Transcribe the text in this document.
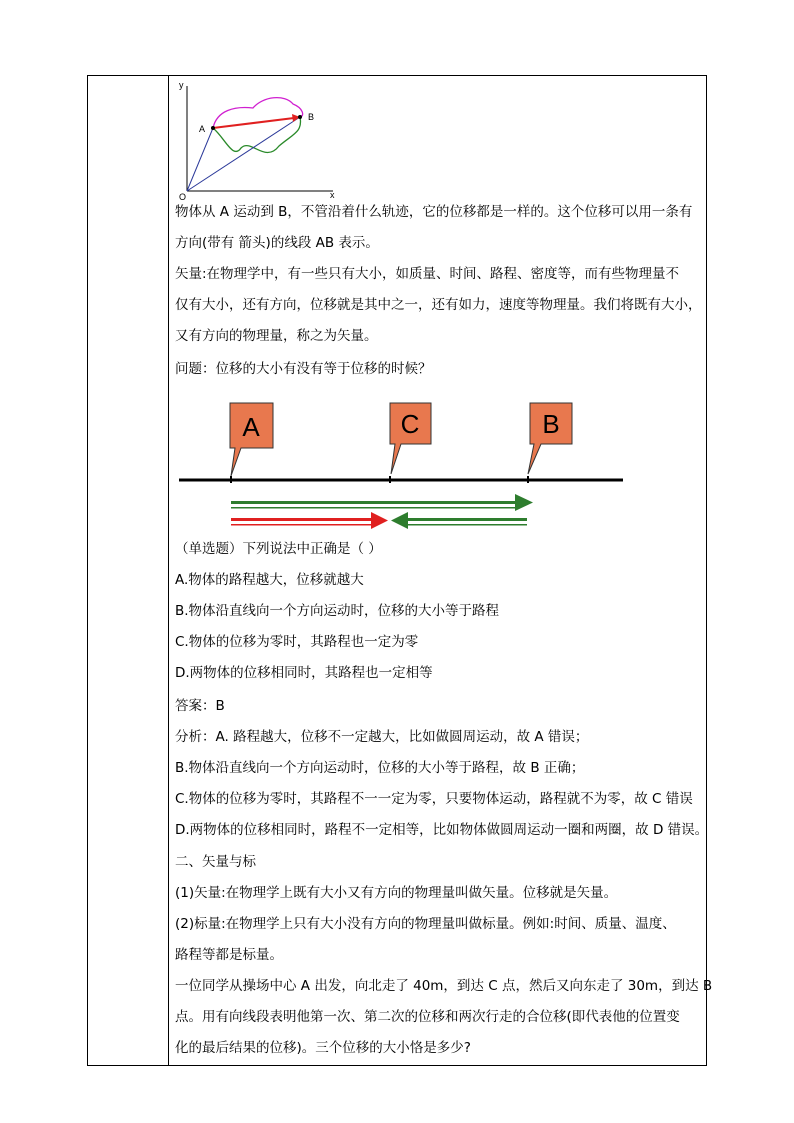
y
x
O
A
B
物体从 A 运动到 B，不管沿着什么轨迹，它的位移都是一样的。这个位移可以用一条有
方向(带有 箭头)的线段 AB 表示。
矢量:在物理学中，有一些只有大小，如质量、时间、路程、密度等，而有些物理量不
仅有大小，还有方向，位移就是其中之一，还有如力，速度等物理量。我们将既有大小，
又有方向的物理量，称之为矢量。
问题：位移的大小有没有等于位移的时候？
A	C	B
（单选题）下列说法中正确是（ ）
A.物体的路程越大，位移就越大
B.物体沿直线向一个方向运动时，位移的大小等于路程
C.物体的位移为零时，其路程也一定为零
D.两物体的位移相同时，其路程也一定相等
答案：B
分析：A. 路程越大，位移不一定越大，比如做圆周运动，故 A 错误；
B.物体沿直线向一个方向运动时，位移的大小等于路程，故 B 正确；
C.物体的位移为零时，其路程不一一定为零，只要物体运动，路程就不为零，故 C 错误
D.两物体的位移相同时，路程不一定相等，比如物体做圆周运动一圈和两圈，故 D 错误。
二、矢量与标
(1)矢量:在物理学上既有大小又有方向的物理量叫做矢量。位移就是矢量。
(2)标量:在物理学上只有大小没有方向的物理量叫做标量。例如:时间、质量、温度、
路程等都是标量。
一位同学从操场中心 A 出发，向北走了 40m，到达 C 点，然后又向东走了 30m，到达 B
点。用有向线段表明他第一次、第二次的位移和两次行走的合位移(即代表他的位置变
化的最后结果的位移)。三个位移的大小恪是多少?
